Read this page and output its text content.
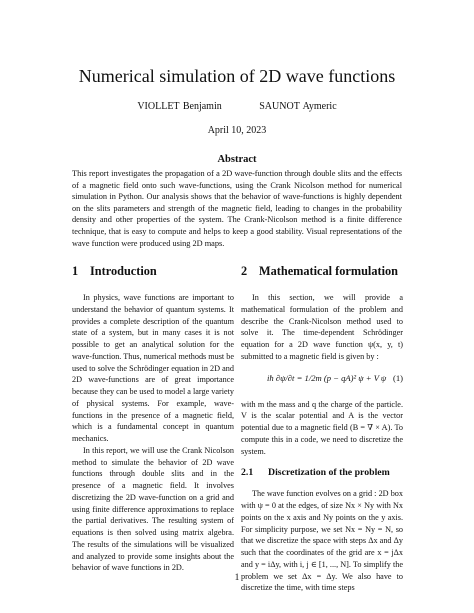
Numerical simulation of 2D wave functions
VIOLLET Benjamin	SAUNOT Aymeric
April 10, 2023
Abstract

This report investigates the propagation of a 2D wave-function through double slits and the effects of a magnetic field onto such wave-functions, using the Crank Nicolson method for numerical simulation in Python. Our analysis shows that the behavior of wave-functions is highly dependent on the slits parameters and strength of the magnetic field, leading to changes in the probability density and other properties of the system. The Crank-Nicolson method is a finite difference technique, that is easy to compute and helps to keep a good stability. Visual representations of the wave function were produced using 2D maps.

1 Introduction

In physics, wave functions are important to understand the behavior of quantum systems. It provides a complete description of the quantum state of a system, but in many cases it is not possible to get an analytical solution for the wave-function. Thus, numerical methods must be used to solve the Schrödinger equation in 2D and 2D wave-functions are of great importance because they can be used to model a large variety of physical systems. For example, wave-functions in the presence of a magnetic field, which is a fundamental concept in quantum mechanics.

In this report, we will use the Crank Nicolson method to simulate the behavior of 2D wave functions through double slits and in the presence of a magnetic field. It involves discretizing the 2D wave-function on a grid and using finite difference approximations to replace the partial derivatives. The resulting system of equations is then solved using matrix algebra. The results of the simulations will be visualized and analyzed to provide some insights about the behavior of wave functions in 2D.

2 Mathematical formulation

In this section, we will provide a mathematical formulation of the problem and describe the Crank-Nicolson method used to solve it. The time-dependent Schrödinger equation for a 2D wave function ψ(x, y, t) submitted to a magnetic field is given by :

iħ ∂ψ/∂t = 1/2m (p − qA)² ψ + V ψ (1)

with m the mass and q the charge of the particle. V is the scalar potential and A is the vector potential due to a magnetic field (B = ∇ × A). To compute this in a code, we need to discretize the system.

2.1 Discretization of the problem

The wave function evolves on a grid : 2D box with ψ = 0 at the edges, of size Nx × Ny with Nx points on the x axis and Ny points on the y axis. For simplicity purpose, we set Nx = Ny = N, so that we discretize the space with steps Δx and Δy such that the coordinates of the grid are x = jΔx and y = iΔy, with i, j ∈ [1, ..., N]. To simplify the problem we set Δx = Δy. We also have to discretize the time, with time steps

1
